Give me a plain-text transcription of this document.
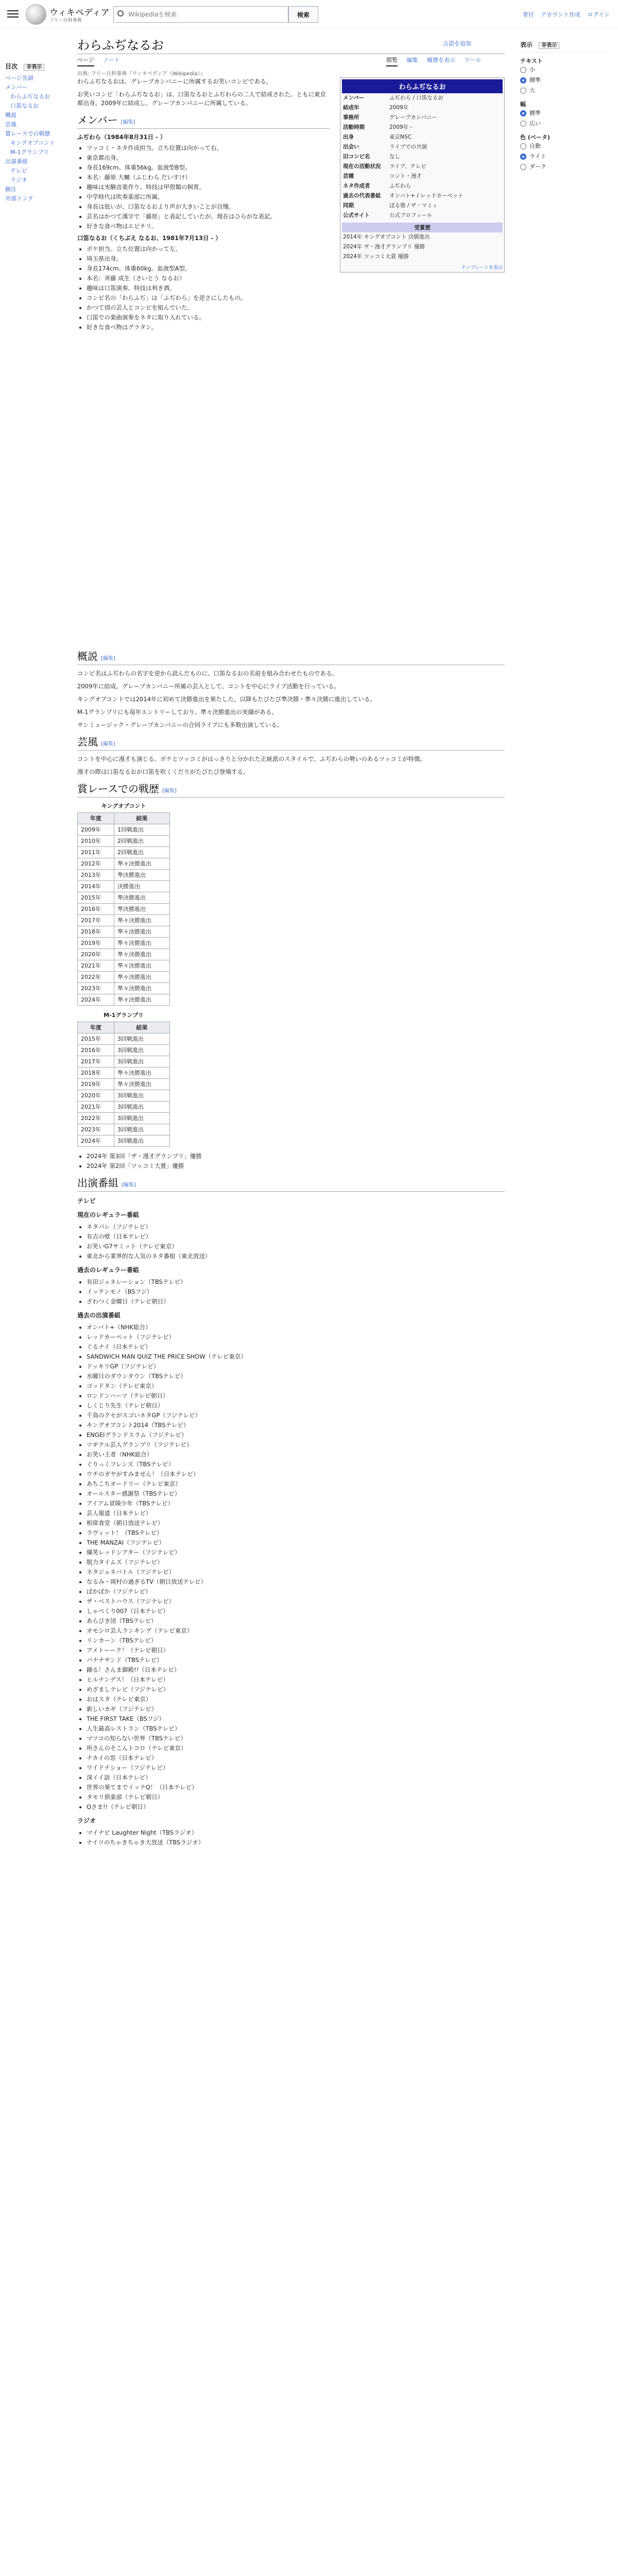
ウィキペディア
フリー百科事典
Wikipediaを検索
検索	寄付 アカウント作成 ログイン
目次 非表示
ページ先頭
メンバー
わらふぢなるお
口笛なるお
概説
芸風
賞レースでの戦歴
キングオブコント
M-1グランプリ
出演番組
テレビ
ラジオ
脚注
外部リンク
わらふぢなるお	言語を追加
ページ ノート	閲覧 編集 履歴を表示 ツール
出典: フリー百科事典『ウィキペディア（Wikipedia）』
表示 非表示
テキスト
小
標準
大
幅
標準
広い
色 (ベータ)
自動
ライト
ダーク
わらふぢなるお
メンバー	ふぢわら / 口笛なるお
結成年	2009年
事務所	グレープカンパニー
活動時期	2009年 -
出身	東京NSC
出会い	ライブでの共演
旧コンビ名	なし
現在の活動状況	ライブ、テレビ
芸種	コント・漫才
ネタ作成者	ふぢわら
過去の代表番組	オンバト+ / レッドカーペット
同期	ぼる塾 / ザ・マミィ
公式サイト	公式プロフィール
受賞歴
2014年 キングオブコント 決勝進出
2024年 ザ・漫才グランプリ 優勝
2024年 ツッコミ大賞 優勝
テンプレートを表示

わらふぢなるおは、グレープカンパニーに所属するお笑いコンビである。

お笑いコンビ「わらふぢなるお」は、口笛なるおとふぢわらの二人で結成された。ともに東京都出身。2009年に結成し、グレープカンパニーに所属している。

メンバー [編集]
ふぢわら（1984年8月31日 - ）
• ツッコミ・ネタ作成担当。立ち位置は向かって右。
• 東京都出身。
• 身長169cm、体重56kg。血液型B型。
• 本名：藤原 大輔（ふじわら だいすけ）
• 趣味は実験音楽作り、特技は甲殻類の飼育。
• 中学時代は吹奏楽部に所属。
• 身長は低いが、口笛なるおより声が大きいことが自慢。
• 芸名はかつて漢字で「藤原」と表記していたが、現在はひらがな表記。
• 好きな食べ物はエビチリ。
口笛なるお（くちぶえ なるお、1981年7月13日 - ）
• ボケ担当。立ち位置は向かって左。
• 埼玉県出身。
• 身長174cm、体重60kg。血液型A型。
• 本名：斉藤 成生（さいとう なるお）
• 趣味は口笛演奏、特技は利き酒。
• コンビ名の「わらふぢ」は「ふぢわら」を逆さにしたもの。
• かつて別の芸人とコンビを組んでいた。
• 口笛での楽曲演奏をネタに取り入れている。
• 好きな食べ物はグラタン。
概説 [編集]

コンビ名はふぢわらの名字を逆から読んだものに、口笛なるおの名前を組み合わせたものである。

2009年に結成。グレープカンパニー所属の芸人として、コントを中心にライブ活動を行っている。

キングオブコントでは2014年に初めて決勝進出を果たした。以降もたびたび準決勝・準々決勝に進出している。

M-1グランプリにも毎年エントリーしており、準々決勝進出の実績がある。

サンミュージック・グレープカンパニーの合同ライブにも多数出演している。

芸風 [編集]

コントを中心に漫才も演じる。ボケとツッコミがはっきりと分かれた正統派のスタイルで、ふぢわらの勢いのあるツッコミが特徴。

漫才の際は口笛なるおが口笛を吹くくだりがたびたび登場する。

賞レースでの戦歴 [編集]
キングオブコント
年度	結果
2009年	1回戦進出
2010年	2回戦進出
2011年	2回戦進出
2012年	準々決勝進出
2013年	準決勝進出
2014年	決勝進出
2015年	準決勝進出
2016年	準決勝進出
2017年	準々決勝進出
2018年	準々決勝進出
2019年	準々決勝進出
2020年	準々決勝進出
2021年	準々決勝進出
2022年	準々決勝進出
2023年	準々決勝進出
2024年	準々決勝進出
M-1グランプリ
年度	結果
2015年	3回戦進出
2016年	3回戦進出
2017年	3回戦進出
2018年	準々決勝進出
2019年	準々決勝進出
2020年	3回戦進出
2021年	3回戦進出
2022年	3回戦進出
2023年	3回戦進出
2024年	3回戦進出
• 2024年 第3回「ザ・漫才グランプリ」優勝
• 2024年 第2回「ツッコミ大賞」優勝
出演番組 [編集]
テレビ
現在のレギュラー番組
• ネタパレ（フジテレビ）
• 有吉の壁（日本テレビ）
• お笑いG7サミット（テレビ東京）
• 東北から業界的な人気のネタ番組（東北放送）
過去のレギュラー番組
• 有田ジェネレーション（TBSテレビ）
• イッテンモノ（BSフジ）
• ざわつく金曜日（テレビ朝日）
過去の出演番組
• オンバト+（NHK総合）
• レッドカーペット（フジテレビ）
• ぐるナイ（日本テレビ）
• SANDWICH MAN QUIZ THE PRICE SHOW（テレビ東京）
• ドッキリGP（フジテレビ）
• 水曜日のダウンタウン（TBSテレビ）
• ゴッドタン（テレビ東京）
• ロンドンハーツ（テレビ朝日）
• しくじり先生（テレビ朝日）
• 千鳥のクセがスゴいネタGP（フジテレビ）
• キングオブコント2014（TBSテレビ）
• ENGEIグランドスラム（フジテレビ）
• ツギクル芸人グランプリ（フジテレビ）
• お笑い王者（NHK総合）
• ぐりっくフレンズ（TBSテレビ）
• ウチのガヤがすみません！（日本テレビ）
• あちこちオードリー（テレビ東京）
• オールスター感謝祭（TBSテレビ）
• アイアム冒険少年（TBSテレビ）
• 芸人報道（日本テレビ）
• 相席食堂（朝日放送テレビ）
• ラヴィット！（TBSテレビ）
• THE MANZAI（フジテレビ）
• 爆笑レッドシアター（フジテレビ）
• 脱力タイムズ（フジテレビ）
• ネタジェネバトル（フジテレビ）
• なるみ・岡村の過ぎるTV（朝日放送テレビ）
• ぽかぽか（フジテレビ）
• ザ・ベストハウス（フジテレビ）
• しゃべくり007（日本テレビ）
• あらびき団（TBSテレビ）
• オモシロ芸人ランキング（テレビ東京）
• リンカーン（TBSテレビ）
• アメトーーク！（テレビ朝日）
• バナナサンド（TBSテレビ）
• 踊る！さんま御殿!!（日本テレビ）
• ヒルナンデス！（日本テレビ）
• めざましテレビ（フジテレビ）
• おはスタ（テレビ東京）
• 新しいカギ（フジテレビ）
• THE FIRST TAKE（BSフジ）
• 人生最高レストラン（TBSテレビ）
• マツコの知らない世界（TBSテレビ）
• 所さんのそこんトコロ（テレビ東京）
• ナカイの窓（日本テレビ）
• ワイドナショー（フジテレビ）
• 深イイ話（日本テレビ）
• 世界の果てまでイッテQ！（日本テレビ）
• タモリ倶楽部（テレビ朝日）
• Qさま!!（テレビ朝日）
ラジオ
• マイナビ Laughter Night（TBSラジオ）
• ナイツのちゃきちゃき大放送（TBSラジオ）
